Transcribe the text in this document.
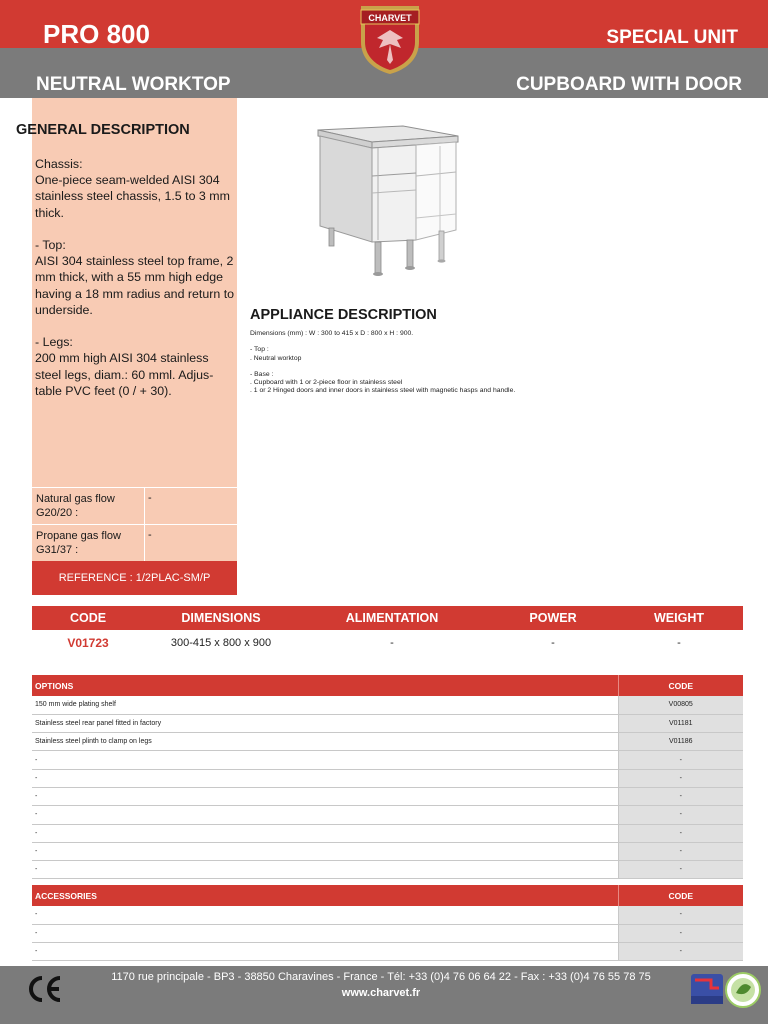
PRO 800	SPECIAL UNIT
NEUTRAL WORKTOP	CUPBOARD WITH DOOR
CHARVET
GENERAL DESCRIPTION
Chassis:
One-piece seam-welded AISI 304 stainless steel chassis, 1.5 to 3 mm thick.

- Top:
AISI 304 stainless steel top frame, 2 mm thick, with a 55 mm high edge having a 18 mm radius and return to underside.

- Legs:
200 mm high AISI 304 stainless steel legs, diam.: 60 mml. Adjus-table PVC feet (0 / + 30).
Natural gas flow G20/20 :
-
Propane gas flow G31/37 :
-
REFERENCE : 1/2PLAC-SM/P
APPLIANCE DESCRIPTION
Dimensions (mm) : W : 300 to 415 x D : 800 x H : 900.

- Top :
. Neutral worktop

- Base :
. Cupboard with 1 or 2-piece floor in stainless steel
. 1 or 2 Hinged doors and inner doors in stainless steel with magnetic hasps and handle.
CODE	DIMENSIONS	ALIMENTATION	POWER	WEIGHT
V01723	300-415 x 800 x 900	-	-	-
OPTIONS	CODE
150 mm wide plating shelf	V00805
Stainless steel rear panel fitted in factory	V01181
Stainless steel plinth to clamp on legs	V01186
-	-
-	-
-	-
-	-
-	-
-	-
-	-
ACCESSORIES	CODE
-	-
-	-
-	-
1170 rue principale - BP3 - 38850 Charavines - France - Tél: +33 (0)4 76 06 64 22 - Fax : +33 (0)4 76 55 78 75
www.charvet.fr
